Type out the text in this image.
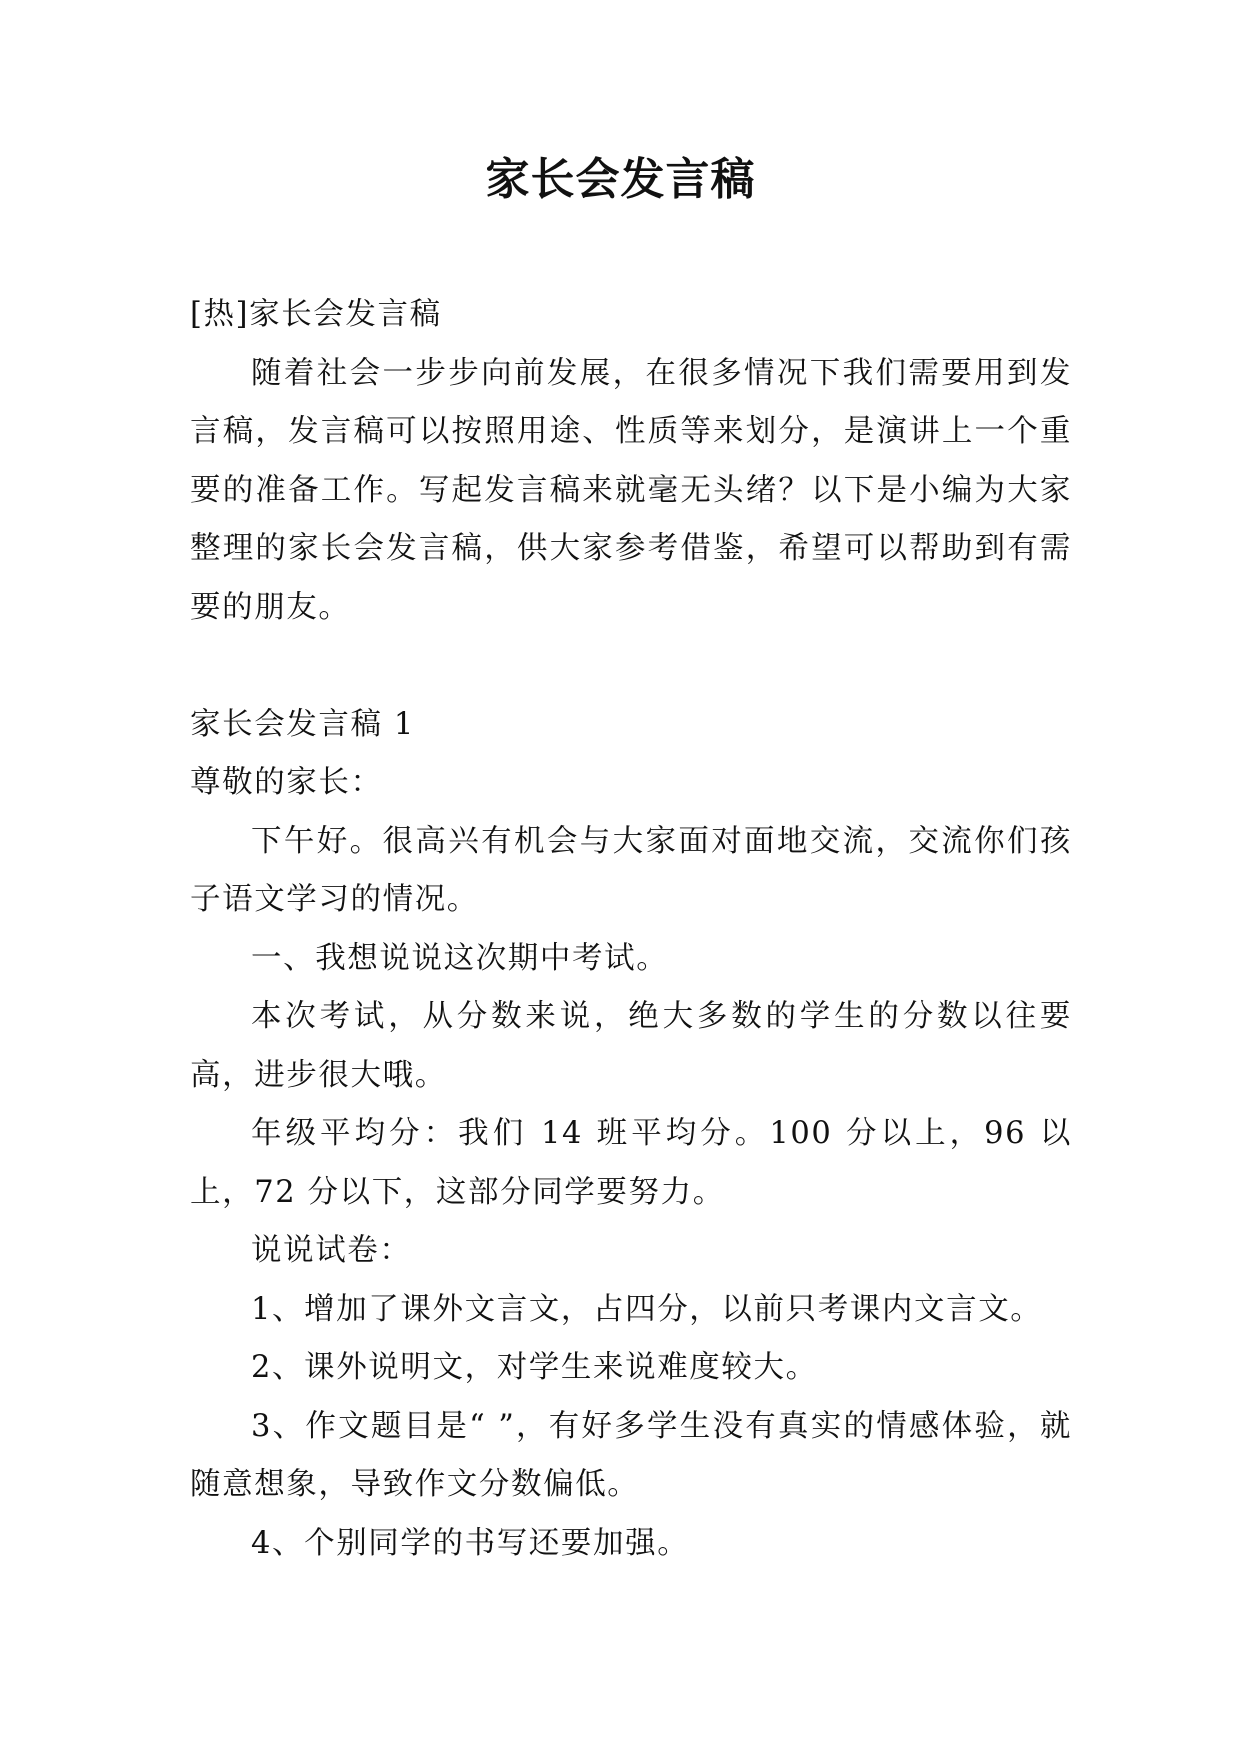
家长会发言稿

[热]家长会发言稿

随着社会一步步向前发展，在很多情况下我们需要用到发言稿，发言稿可以按照用途、性质等来划分，是演讲上一个重要的准备工作。写起发言稿来就毫无头绪？以下是小编为大家整理的家长会发言稿，供大家参考借鉴，希望可以帮助到有需要的朋友。

家长会发言稿 1

尊敬的家长：

下午好。很高兴有机会与大家面对面地交流，交流你们孩子语文学习的情况。

一、我想说说这次期中考试。

本次考试，从分数来说，绝大多数的学生的分数以往要高，进步很大哦。

年级平均分：我们 14 班平均分。100 分以上，96 以上，72 分以下，这部分同学要努力。

说说试卷：

1、增加了课外文言文，占四分，以前只考课内文言文。

2、课外说明文，对学生来说难度较大。

3、作文题目是“ ”，有好多学生没有真实的情感体验，就随意想象，导致作文分数偏低。

4、个别同学的书写还要加强。
